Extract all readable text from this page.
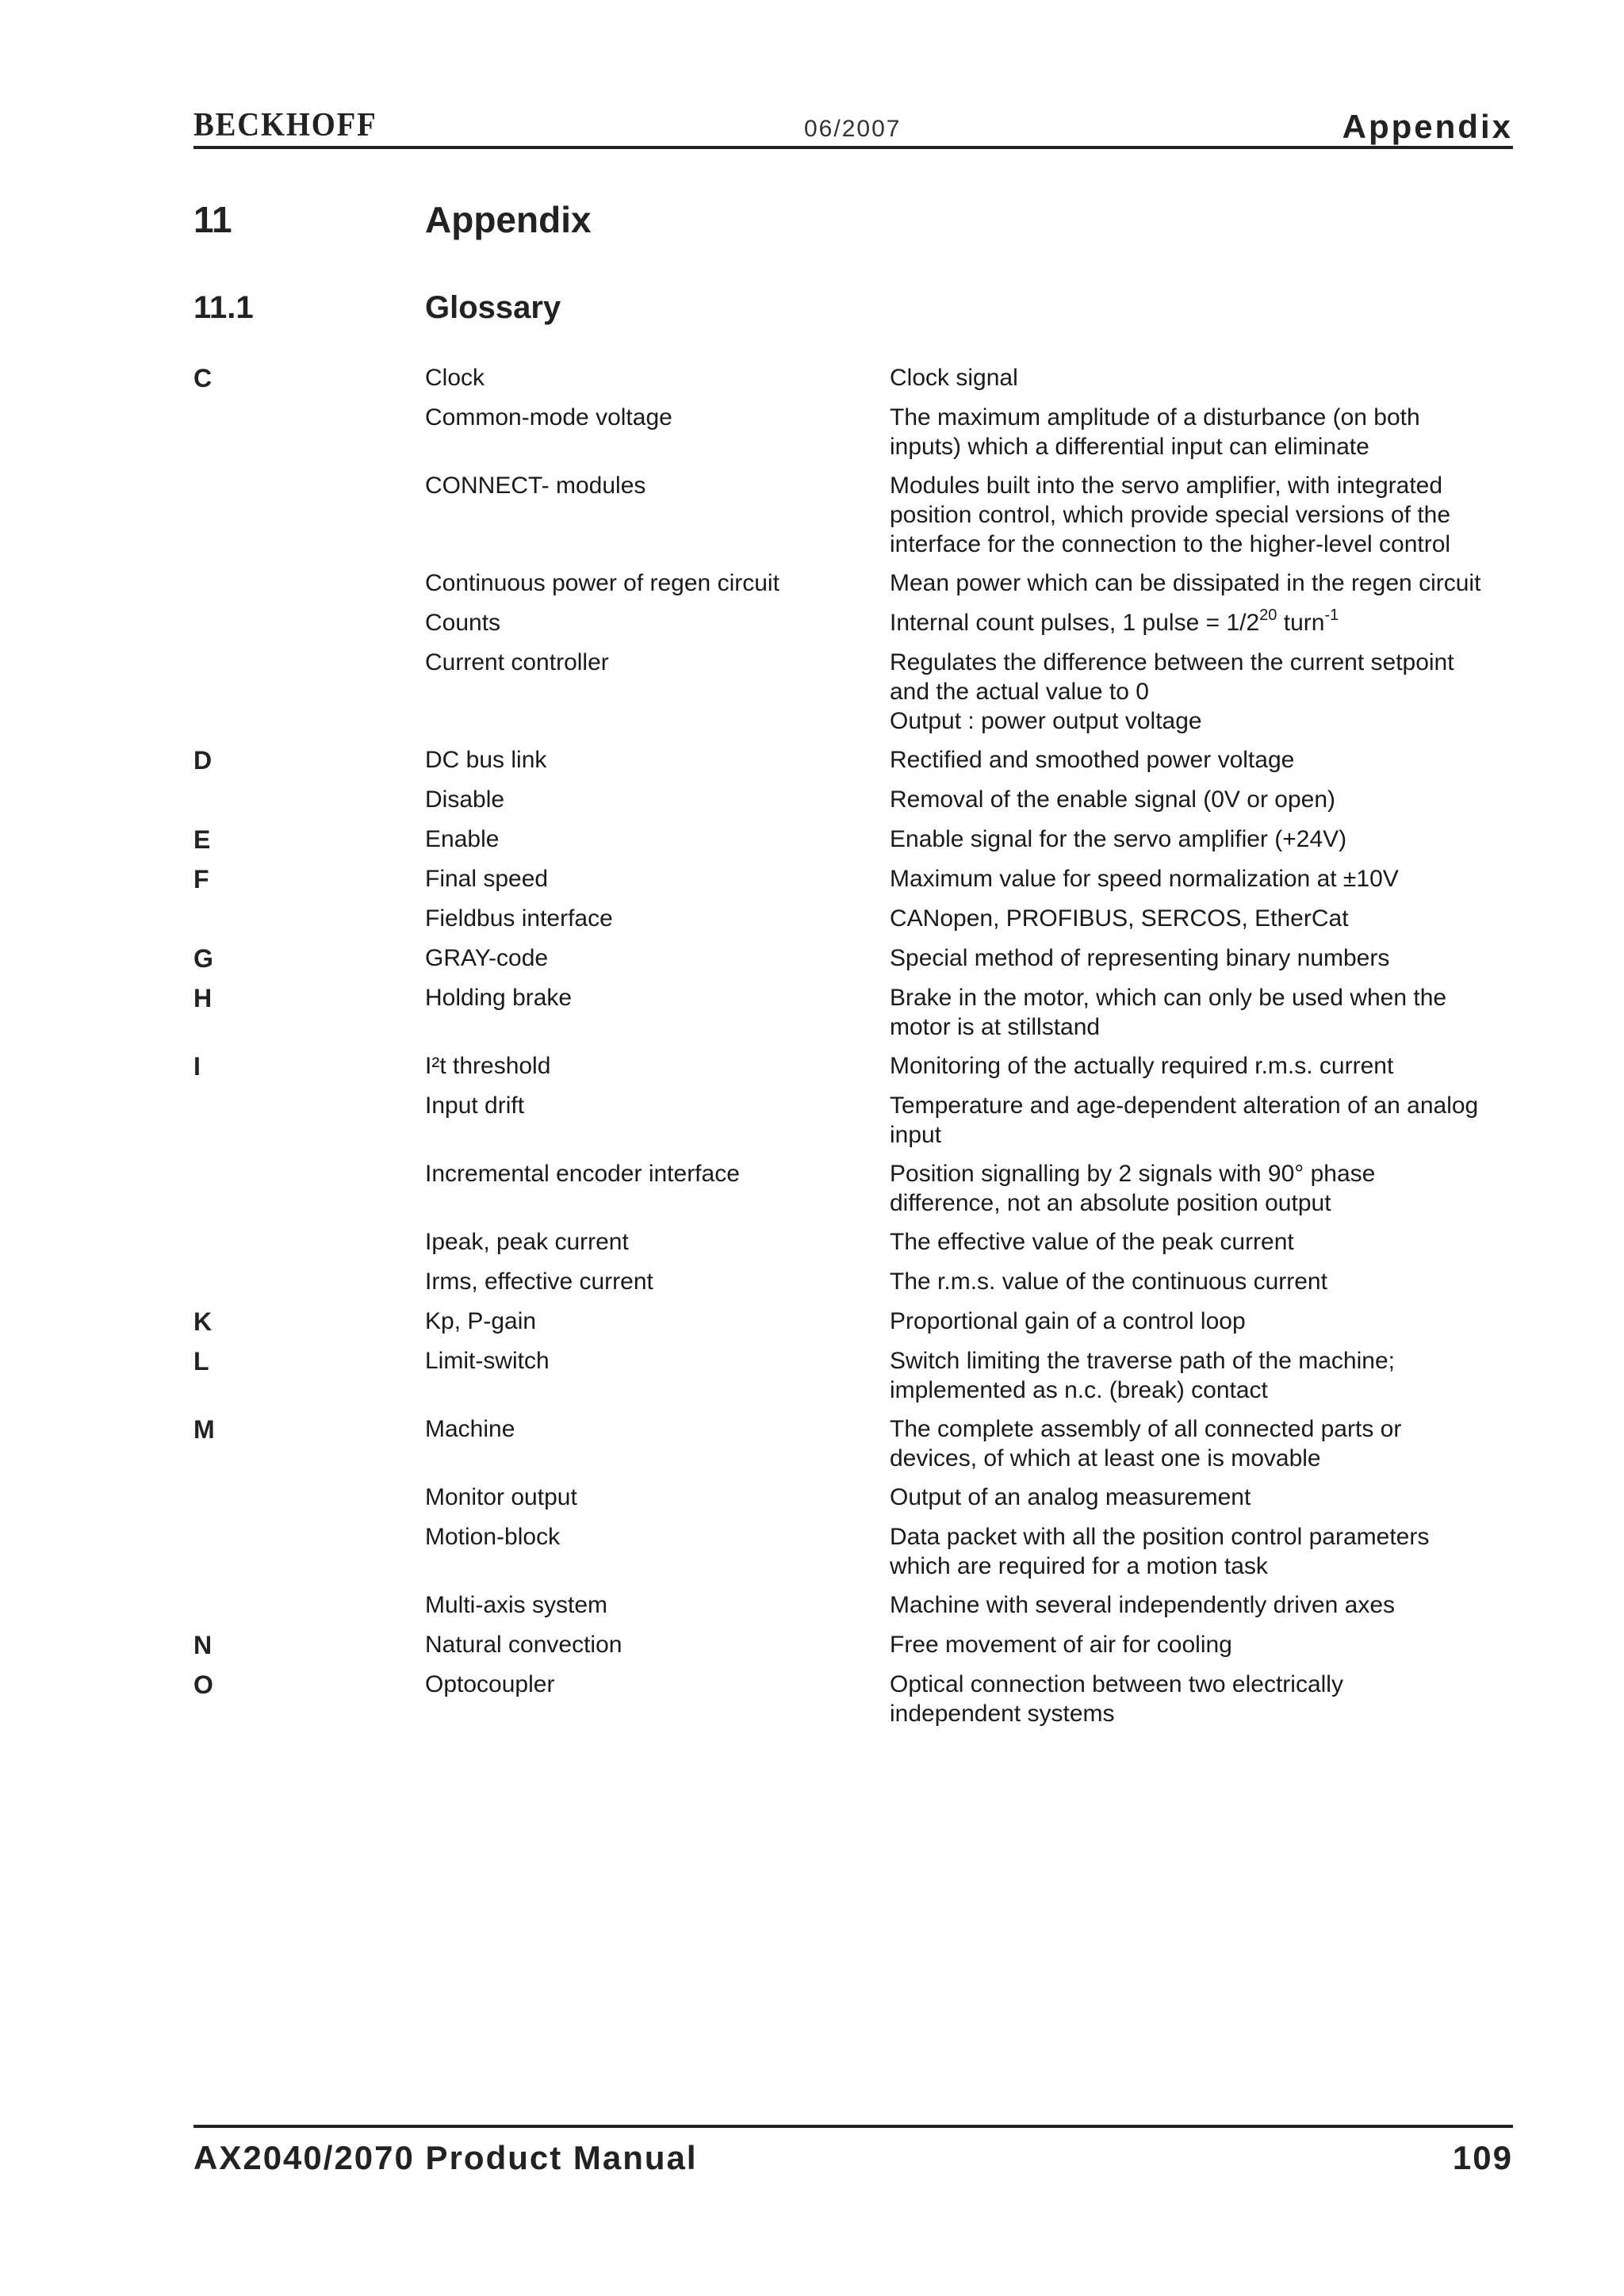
BECKHOFF	06/2007	Appendix
11	Appendix
11.1	Glossary
C	Clock	Clock signal
Common-mode voltage	The maximum amplitude of a disturbance (on both
inputs) which a differential input can eliminate
CONNECT- modules	Modules built into the servo amplifier, with integrated
position control, which provide special versions of the
interface for the connection to the higher-level control
Continuous power of regen circuit	Mean power which can be dissipated in the regen circuit
Counts	Internal count pulses, 1 pulse = $1/2^{20}$ turn$^{-1}$
Current controller	Regulates the difference between the current setpoint
and the actual value to 0
Output : power output voltage
D	DC bus link	Rectified and smoothed power voltage
Disable	Removal of the enable signal (0V or open)
E	Enable	Enable signal for the servo amplifier (+24V)
F	Final speed	Maximum value for speed normalization at ±10V
Fieldbus interface	CANopen, PROFIBUS, SERCOS, EtherCat
G	GRAY-code	Special method of representing binary numbers
H	Holding brake	Brake in the motor, which can only be used when the
motor is at stillstand
I	I²t threshold	Monitoring of the actually required r.m.s. current
Input drift	Temperature and age-dependent alteration of an analog
input
Incremental encoder interface	Position signalling by 2 signals with 90° phase
difference, not an absolute position output
Ipeak, peak current	The effective value of the peak current
Irms, effective current	The r.m.s. value of the continuous current
K	Kp, P-gain	Proportional gain of a control loop
L	Limit-switch	Switch limiting the traverse path of the machine;
implemented as n.c. (break) contact
M	Machine	The complete assembly of all connected parts or
devices, of which at least one is movable
Monitor output	Output of an analog measurement
Motion-block	Data packet with all the position control parameters
which are required for a motion task
Multi-axis system	Machine with several independently driven axes
N	Natural convection	Free movement of air for cooling
O	Optocoupler	Optical connection between two electrically
independent systems
AX2040/2070 Product Manual	109
